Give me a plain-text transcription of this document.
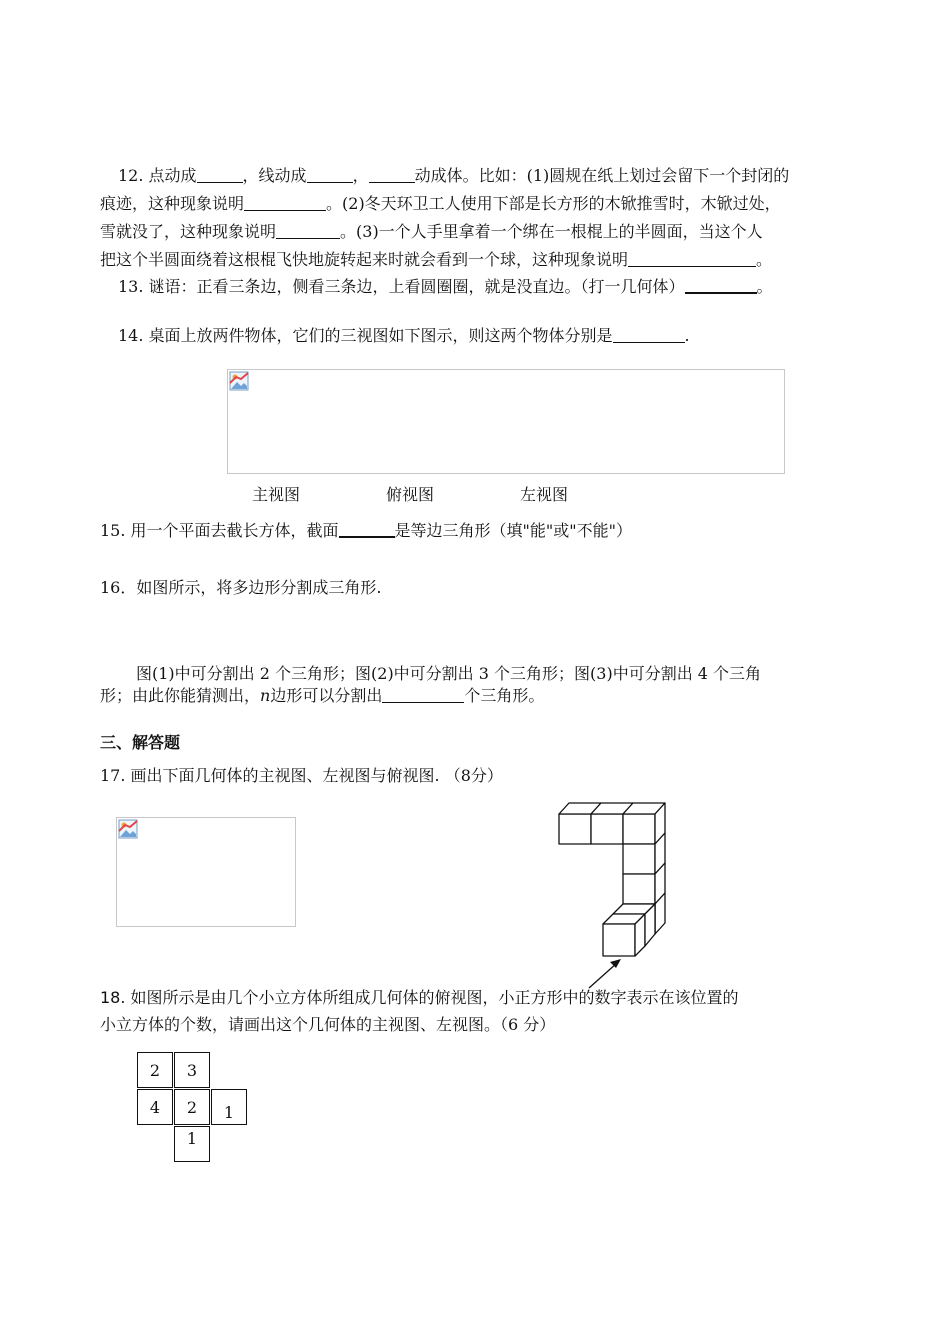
12. 点动成	，线动成	，	动成体。比如：(1)圆规在纸上划过会留下一个封闭的
痕迹，这种现象说明	。(2)冬天环卫工人使用下部是长方形的木锨推雪时，木锨过处，
雪就没了，这种现象说明	。(3)一个人手里拿着一个绑在一根棍上的半圆面，当这个人
把这个半圆面绕着这根棍飞快地旋转起来时就会看到一个球，这种现象说明	。
13. 谜语：正看三条边，侧看三条边，上看圆圈圈，就是没直边。（打一几何体）	。
14. 桌面上放两件物体，它们的三视图如下图示，则这两个物体分别是	.
主视图	俯视图	左视图
15. 用一个平面去截长方体，截面	是等边三角形（填"能"或"不能"）
16．如图所示，将多边形分割成三角形.
图(1)中可分割出 2 个三角形；图(2)中可分割出 3 个三角形；图(3)中可分割出 4 个三角
形；由此你能猜测出，n边形可以分割出	个三角形。
三、解答题
17. 画出下面几何体的主视图、左视图与俯视图. （8分）
18. 如图所示是由几个小立方体所组成几何体的俯视图，小正方形中的数字表示在该位置的
小立方体的个数，请画出这个几何体的主视图、左视图。（6 分）
2	3
4	2	1
1
